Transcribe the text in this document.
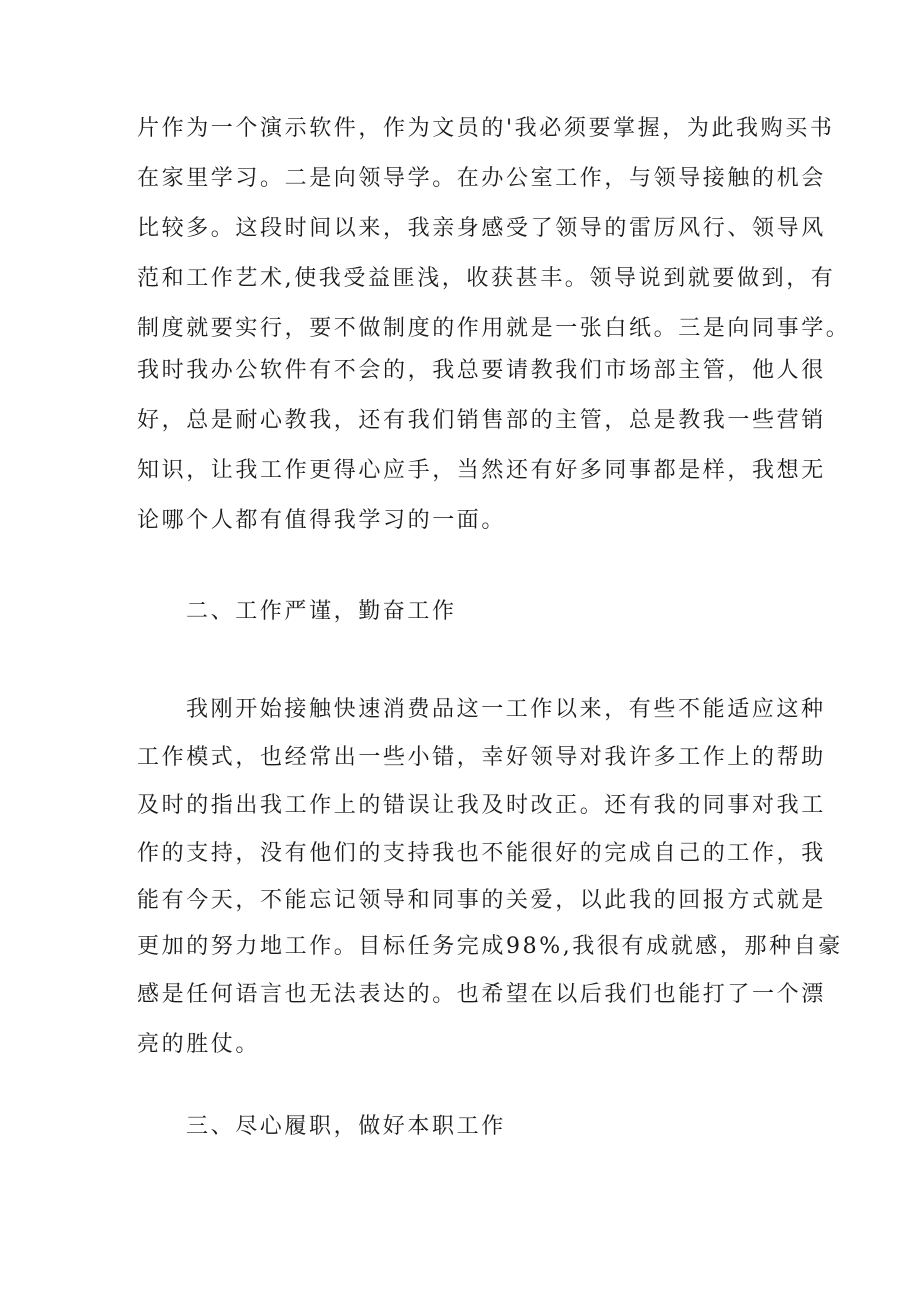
片作为一个演示软件，作为文员的'我必须要掌握，为此我购买书
在家里学习。二是向领导学。在办公室工作，与领导接触的机会
比较多。这段时间以来，我亲身感受了领导的雷厉风行、领导风
范和工作艺术,使我受益匪浅，收获甚丰。领导说到就要做到，有
制度就要实行，要不做制度的作用就是一张白纸。三是向同事学。
我时我办公软件有不会的，我总要请教我们市场部主管，他人很
好，总是耐心教我，还有我们销售部的主管，总是教我一些营销
知识，让我工作更得心应手，当然还有好多同事都是样，我想无
论哪个人都有值得我学习的一面。
二、工作严谨，勤奋工作
我刚开始接触快速消费品这一工作以来，有些不能适应这种
工作模式，也经常出一些小错，幸好领导对我许多工作上的帮助
及时的指出我工作上的错误让我及时改正。还有我的同事对我工
作的支持，没有他们的支持我也不能很好的完成自己的工作，我
能有今天，不能忘记领导和同事的关爱，以此我的回报方式就是
更加的努力地工作。目标任务完成98%,我很有成就感，那种自豪
感是任何语言也无法表达的。也希望在以后我们也能打了一个漂
亮的胜仗。
三、尽心履职，做好本职工作
